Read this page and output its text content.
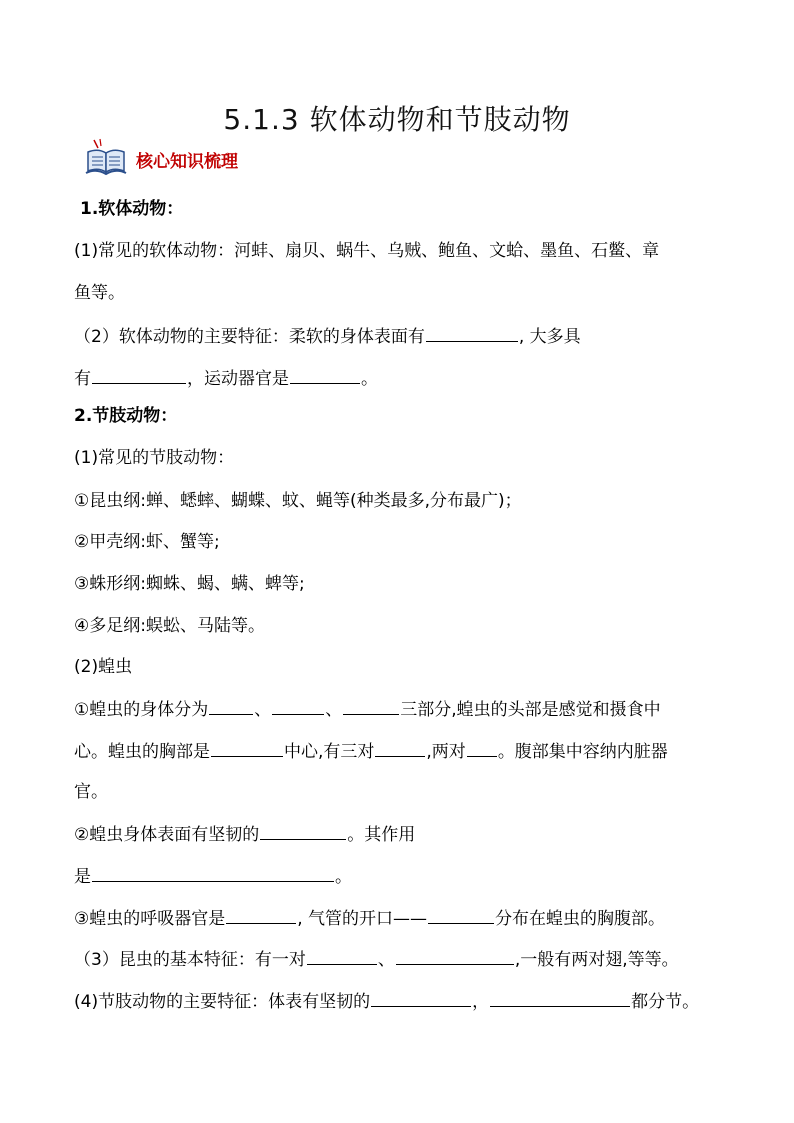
5.1.3 软体动物和节肢动物
核心知识梳理
1.软体动物：
(1)常见的软体动物：河蚌、扇贝、蜗牛、乌贼、鲍鱼、文蛤、墨鱼、石鳖、章
鱼等。
（2）软体动物的主要特征：柔软的身体表面有	, 大多具
有	，运动器官是	。
2.节肢动物：
(1)常见的节肢动物：
①昆虫纲:蝉、蟋蟀、蝴蝶、蚊、蝇等(种类最多,分布最广)；
②甲壳纲:虾、蟹等;
③蛛形纲:蜘蛛、蝎、螨、蜱等;
④多足纲:蜈蚣、马陆等。
(2)蝗虫
①蝗虫的身体分为	、	、	三部分,蝗虫的头部是感觉和摄食中
心。蝗虫的胸部是	中心,有三对	,两对 。腹部集中容纳内脏器
官。
②蝗虫身体表面有坚韧的	。其作用
是	。
③蝗虫的呼吸器官是	, 气管的开口——	分布在蝗虫的胸腹部。
（3）昆虫的基本特征：有一对	、	,一般有两对翅,等等。
(4)节肢动物的主要特征：体表有坚韧的	，	都分节。
